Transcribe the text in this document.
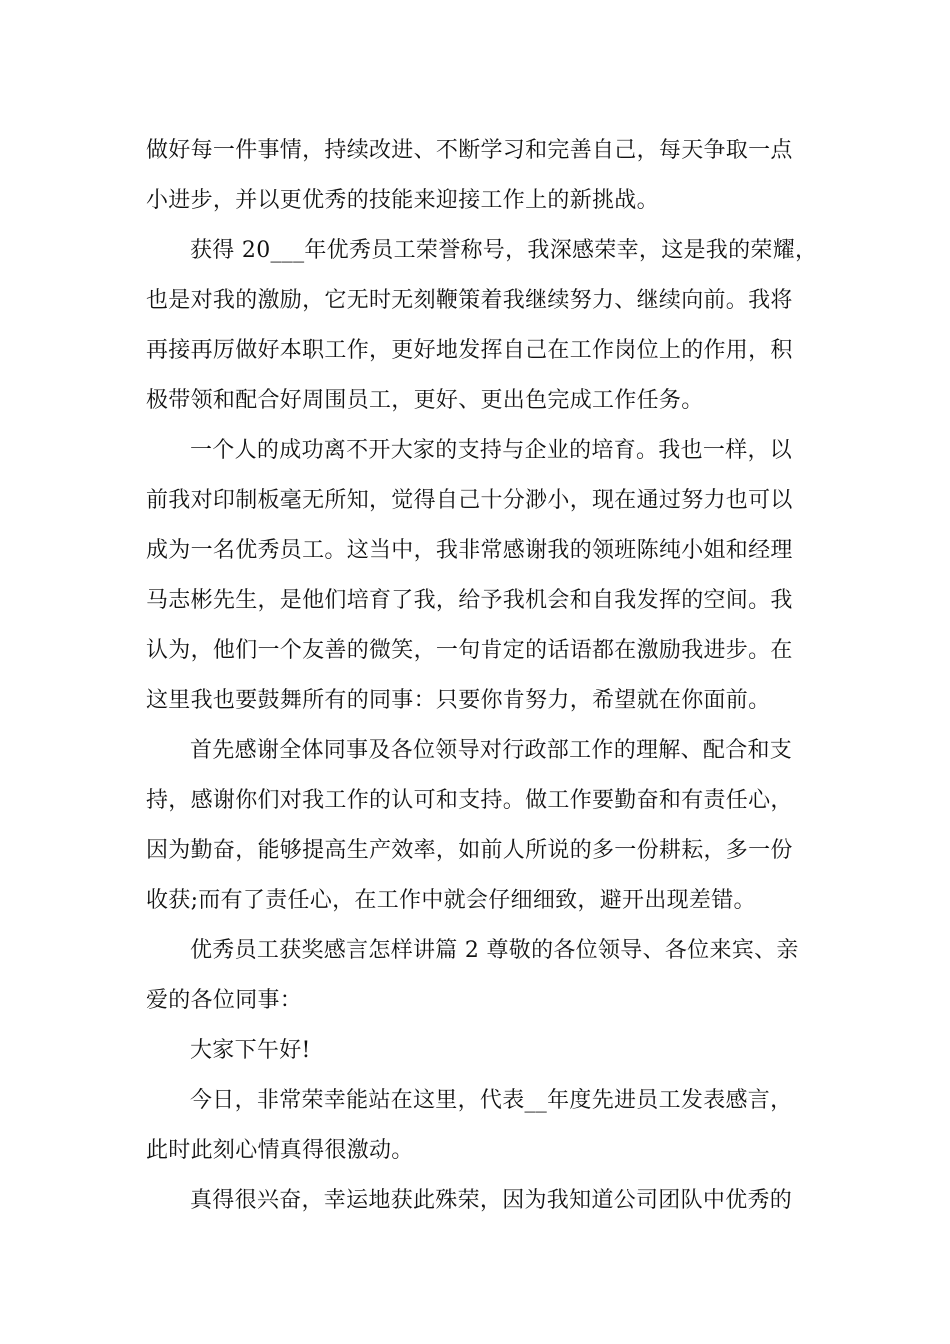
做好每一件事情，持续改进、不断学习和完善自己，每天争取一点
小进步，并以更优秀的技能来迎接工作上的新挑战。
获得 20___年优秀员工荣誉称号，我深感荣幸，这是我的荣耀，
也是对我的激励，它无时无刻鞭策着我继续努力、继续向前。我将
再接再厉做好本职工作，更好地发挥自己在工作岗位上的作用，积
极带领和配合好周围员工，更好、更出色完成工作任务。
一个人的成功离不开大家的支持与企业的培育。我也一样，以
前我对印制板毫无所知，觉得自己十分渺小，现在通过努力也可以
成为一名优秀员工。这当中，我非常感谢我的领班陈纯小姐和经理
马志彬先生，是他们培育了我，给予我机会和自我发挥的空间。我
认为，他们一个友善的微笑，一句肯定的话语都在激励我进步。在
这里我也要鼓舞所有的同事：只要你肯努力，希望就在你面前。
首先感谢全体同事及各位领导对行政部工作的理解、配合和支
持，感谢你们对我工作的认可和支持。做工作要勤奋和有责任心，
因为勤奋，能够提高生产效率，如前人所说的多一份耕耘，多一份
收获;而有了责任心，在工作中就会仔细细致，避开出现差错。
优秀员工获奖感言怎样讲篇 2 尊敬的各位领导、各位来宾、亲
爱的各位同事：
大家下午好!
今日，非常荣幸能站在这里，代表__年度先进员工发表感言，
此时此刻心情真得很激动。
真得很兴奋，幸运地获此殊荣，因为我知道公司团队中优秀的
